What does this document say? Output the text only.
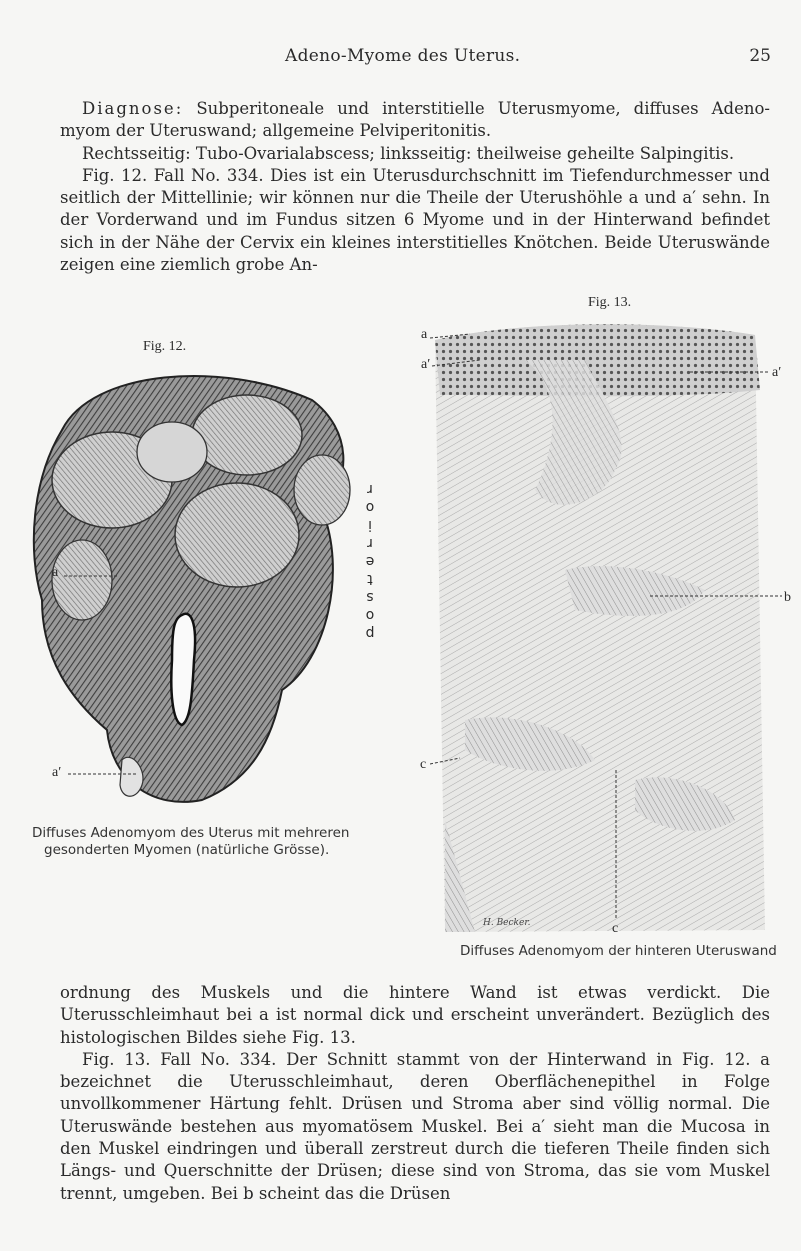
Adeno-Myome des Uterus.	25

Diagnose: Subperitoneale und interstitielle Uterusmyome, diffuses Adeno-myom der Uteruswand; allgemeine Pelviperitonitis.

Rechtsseitig: Tubo-Ovarialabscess; linksseitig: theilweise geheilte Salpingitis.

Fig. 12. Fall No. 334. Dies ist ein Uterusdurchschnitt im Tiefendurchmesser und seitlich der Mittellinie; wir können nur die Theile der Uterushöhle a und a′ sehn. In der Vorderwand und im Fundus sitzen 6 Myome und in der Hinterwand befindet sich in der Nähe der Cervix ein kleines interstitielles Knötchen. Beide Uteruswände zeigen eine ziemlich grobe An-

Fig. 12.
a
a′
p
o
s
t
e
r
i
o
r
Diffuses Adenomyom des Uterus mit mehreren
gesonderten Myomen (natürliche Grösse).
Fig. 13.
a
a′
a′
b
c
c
H. Becker.
Diffuses Adenomyom der hinteren Uteruswand

ordnung des Muskels und die hintere Wand ist etwas verdickt. Die Uterusschleimhaut bei a ist normal dick und erscheint unverändert. Bezüglich des histologischen Bildes siehe Fig. 13.

Fig. 13. Fall No. 334. Der Schnitt stammt von der Hinterwand in Fig. 12. a bezeichnet die Uterusschleimhaut, deren Oberflächenepithel in Folge unvollkommener Härtung fehlt. Drüsen und Stroma aber sind völlig normal. Die Uteruswände bestehen aus myomatösem Muskel. Bei a′ sieht man die Mucosa in den Muskel eindringen und überall zerstreut durch die tieferen Theile finden sich Längs- und Querschnitte der Drüsen; diese sind von Stroma, das sie vom Muskel trennt, umgeben. Bei b scheint das die Drüsen
